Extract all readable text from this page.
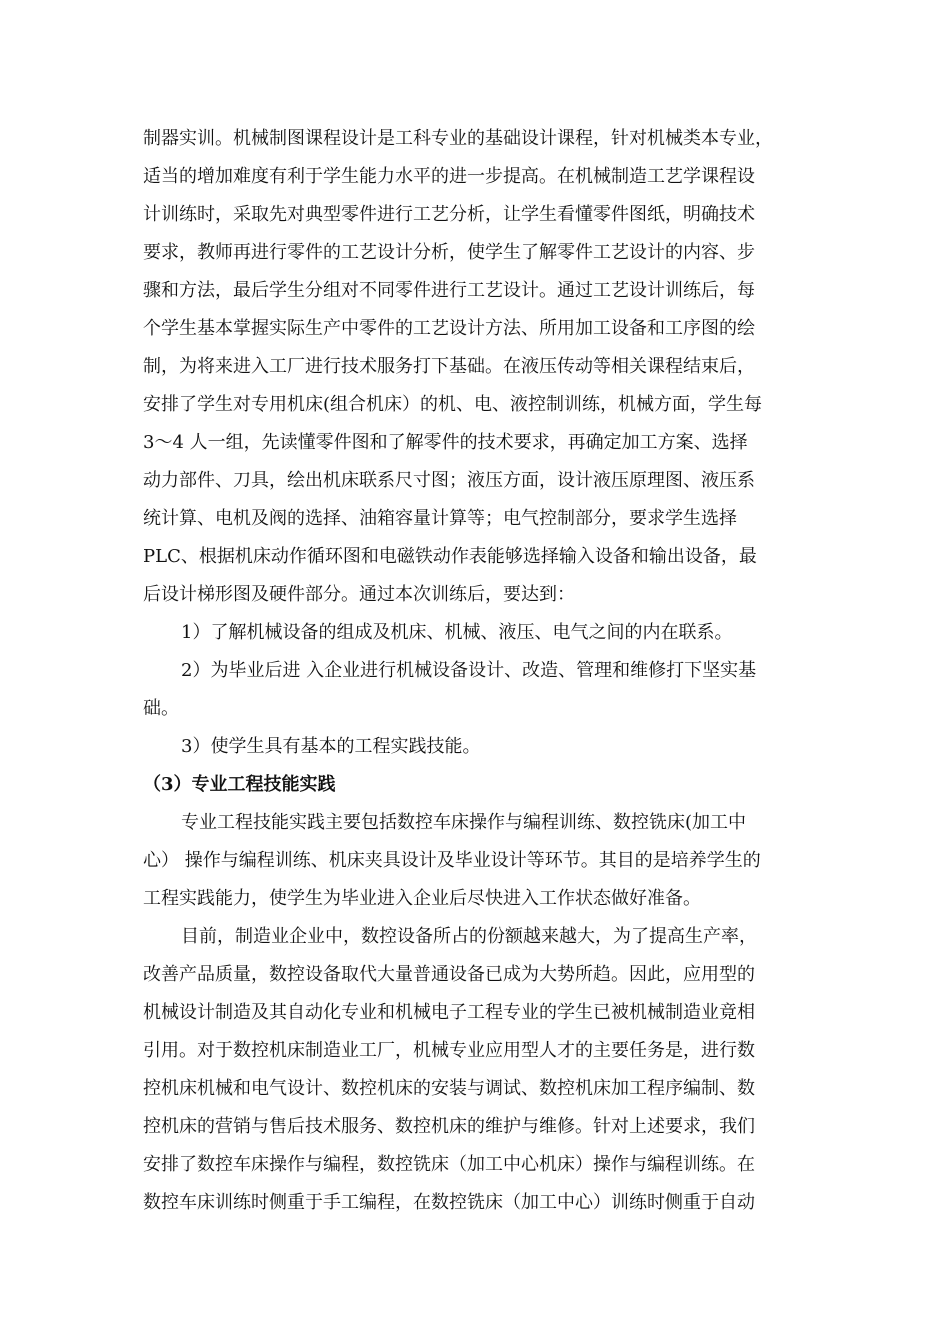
制器实训。机械制图课程设计是工科专业的基础设计课程，针对机械类本专业，
适当的增加难度有利于学生能力水平的进一步提高。在机械制造工艺学课程设
计训练时，采取先对典型零件进行工艺分析，让学生看懂零件图纸，明确技术
要求，教师再进行零件的工艺设计分析，使学生了解零件工艺设计的内容、步
骤和方法，最后学生分组对不同零件进行工艺设计。通过工艺设计训练后，每
个学生基本掌握实际生产中零件的工艺设计方法、所用加工设备和工序图的绘
制，为将来进入工厂进行技术服务打下基础。在液压传动等相关课程结束后，
安排了学生对专用机床(组合机床）的机、电、液控制训练，机械方面，学生每
3～4 人一组，先读懂零件图和了解零件的技术要求，再确定加工方案、选择
动力部件、刀具，绘出机床联系尺寸图；液压方面，设计液压原理图、液压系
统计算、电机及阀的选择、油箱容量计算等；电气控制部分，要求学生选择
PLC、根据机床动作循环图和电磁铁动作表能够选择输入设备和输出设备，最
后设计梯形图及硬件部分。通过本次训练后，要达到：
1）了解机械设备的组成及机床、机械、液压、电气之间的内在联系。
2）为毕业后进 入企业进行机械设备设计、改造、管理和维修打下坚实基
础。
3）使学生具有基本的工程实践技能。
（3）专业工程技能实践
专业工程技能实践主要包括数控车床操作与编程训练、数控铣床(加工中
心） 操作与编程训练、机床夹具设计及毕业设计等环节。其目的是培养学生的
工程实践能力，使学生为毕业进入企业后尽快进入工作状态做好准备。
目前，制造业企业中，数控设备所占的份额越来越大，为了提高生产率，
改善产品质量，数控设备取代大量普通设备已成为大势所趋。因此，应用型的
机械设计制造及其自动化专业和机械电子工程专业的学生已被机械制造业竟相
引用。对于数控机床制造业工厂，机械专业应用型人才的主要任务是，进行数
控机床机械和电气设计、数控机床的安装与调试、数控机床加工程序编制、数
控机床的营销与售后技术服务、数控机床的维护与维修。针对上述要求，我们
安排了数控车床操作与编程，数控铣床（加工中心机床）操作与编程训练。在
数控车床训练时侧重于手工编程，在数控铣床（加工中心）训练时侧重于自动
